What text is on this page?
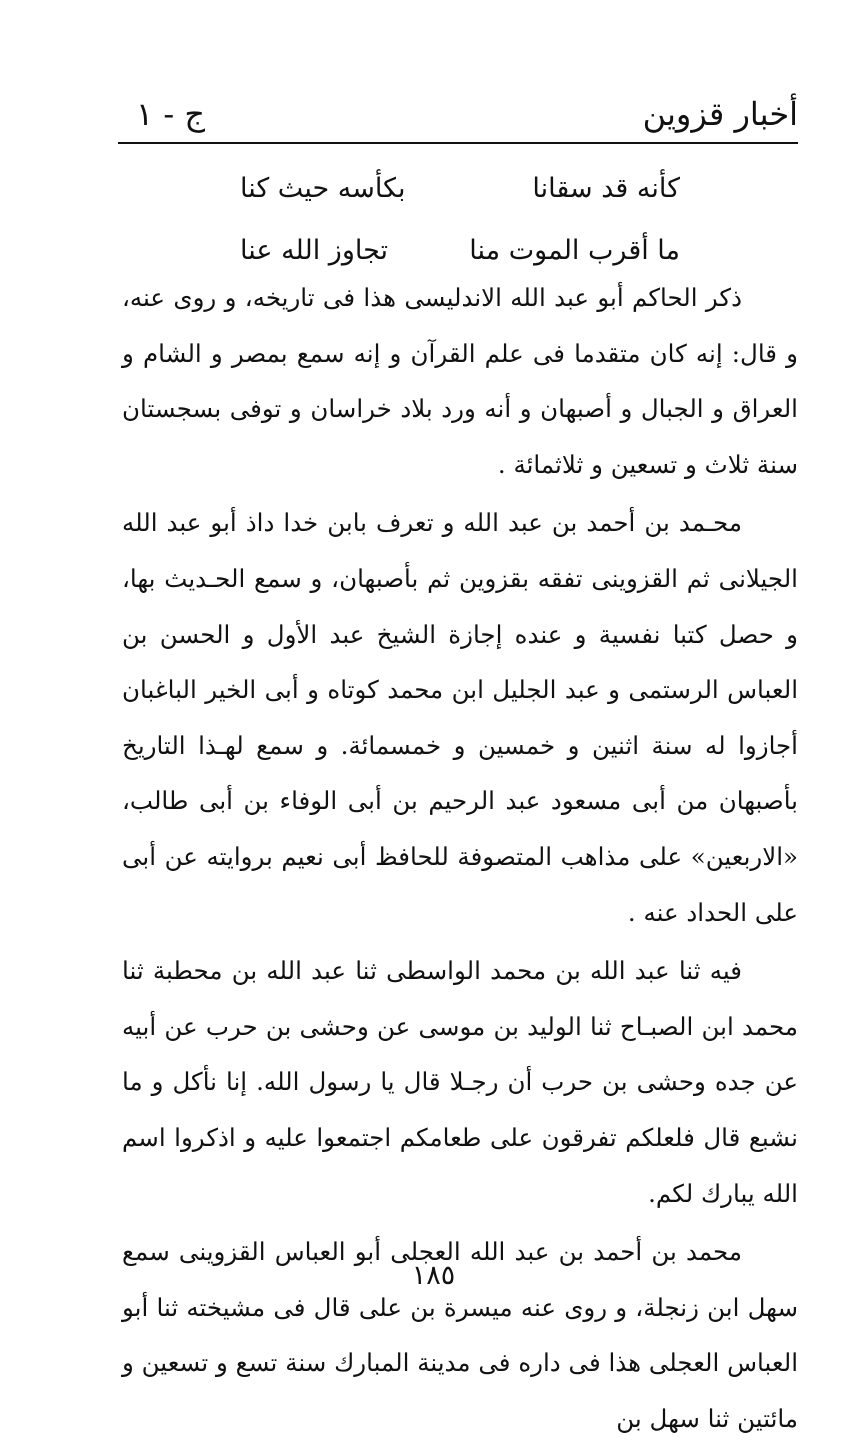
أخبار قزوين
ج - ١
كأنه قد سقانا
بكأسه حيث كنا
ما أقرب الموت منا
تجاوز الله عنا

ذكر الحاكم أبو عبد الله الاندليسى هذا فى تاريخه، و روى عنه، و قال: إنه كان متقدما فى علم القرآن و إنه سمع بمصر و الشام و العراق و الجبال و أصبهان و أنه ورد بلاد خراسان و توفى بسجستان سنة ثلاث و تسعين و ثلاثمائة .

محـمد بن أحمد بن عبد الله و تعرف بابن خدا داذ أبو عبد الله الجيلانى ثم القزوينى تفقه بقزوين ثم بأصبهان، و سمع الحـديث بها، و حصل كتبا نفسية و عنده إجازة الشيخ عبد الأول و الحسن بن العباس الرستمى و عبد الجليل ابن محمد كوتاه و أبى الخير الباغبان أجازوا له سنة اثنين و خمسين و خمسمائة. و سمع لهـذا التاريخ بأصبهان من أبى مسعود عبد الرحيم بن أبى الوفاء بن أبى طالب، «الاربعين» على مذاهب المتصوفة للحافظ أبى نعيم بروايته عن أبى على الحداد عنه .

فيه ثنا عبد الله بن محمد الواسطى ثنا عبد الله بن محطبة ثنا محمد ابن الصبـاح ثنا الوليد بن موسى عن وحشى بن حرب عن أبيه عن جده وحشى بن حرب أن رجـلا قال يا رسول الله. إنا نأكل و ما نشبع قال فلعلكم تفرقون على طعامكم اجتمعوا عليه و اذكروا اسم الله يبارك لكم.

محمد بن أحمد بن عبد الله العجلى أبو العباس القزوينى سمع سهل ابن زنجلة، و روى عنه ميسرة بن على قال فى مشيخته ثنا أبو العباس العجلى هذا فى داره فى مدينة المبارك سنة تسع و تسعين و مائتين ثنا سهل بن

١٨٥
